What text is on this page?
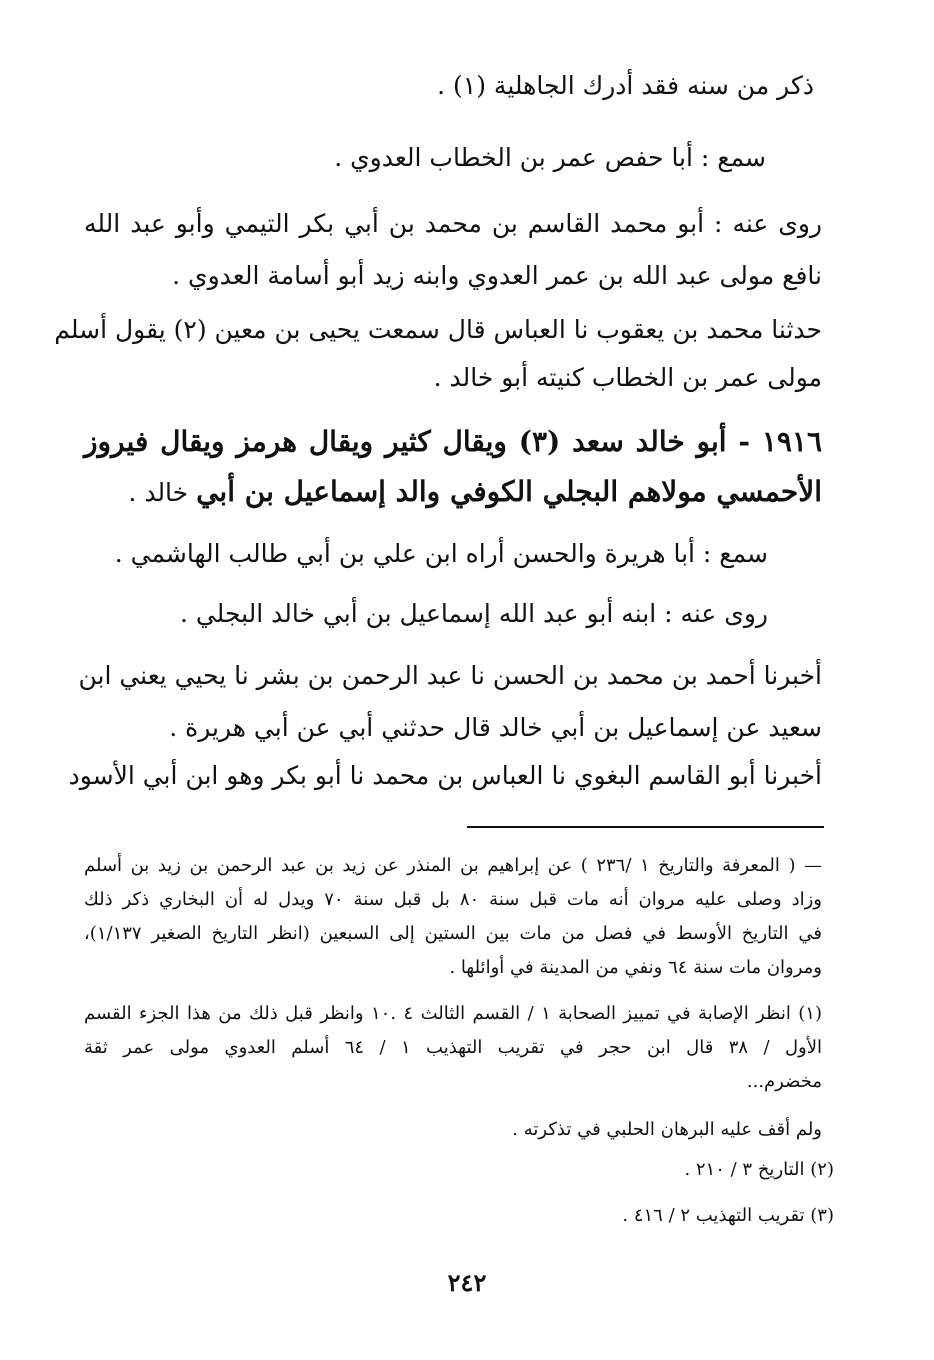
ذكر من سنه فقد أدرك الجاهلية (١) .
سمع : أبا حفص عمر بن الخطاب العدوي .
روى عنه : أبو محمد القاسم بن محمد بن أبي بكر التيمي وأبو عبد الله
نافع مولى عبد الله بن عمر العدوي وابنه زيد أبو أسامة العدوي .
حدثنا محمد بن يعقوب نا العباس قال سمعت يحيى بن معين (٢) يقول أسلم
مولى عمر بن الخطاب كنيته أبو خالد .
١٩١٦ - أبو خالد سعد (٣) ويقال كثير ويقال هرمز ويقال فيروز
الأحمسي مولاهم البجلي الكوفي والد إسماعيل بن أبي خالد .
سمع : أبا هريرة والحسن أراه ابن علي بن أبي طالب الهاشمي .
روى عنه : ابنه أبو عبد الله إسماعيل بن أبي خالد البجلي .
أخبرنا أحمد بن محمد بن الحسن نا عبد الرحمن بن بشر نا يحيي يعني ابن
سعيد عن إسماعيل بن أبي خالد قال حدثني أبي عن أبي هريرة .
أخبرنا أبو القاسم البغوي نا العباس بن محمد نا أبو بكر وهو ابن أبي الأسود
— ( المعرفة والتاريخ ١ /٢٣٦ ) عن إبراهيم بن المنذر عن زيد بن عبد الرحمن بن زيد بن أسلم
وزاد وصلى عليه مروان أنه مات قبل سنة ٨٠ بل قبل سنة ٧٠ ويدل له أن البخاري ذكر ذلك
في التاريخ الأوسط في فصل من مات بين الستين إلى السبعين (انظر التاريخ الصغير ١/١٣٧)،
ومروان مات سنة ٦٤ ونفي من المدينة في أوائلها .
(١) انظر الإصابة في تمييز الصحابة ١ / القسم الثالث ٤ .١٠ وانظر قبل ذلك من هذا الجزء القسم
الأول / ٣٨ قال ابن حجر في تقريب التهذيب ١ / ٦٤ أسلم العدوي مولى عمر ثقة
مخضرم...
ولم أقف عليه البرهان الحلبي في تذكرته .
(٢) التاريخ ٣ / ٢١٠ .
(٣) تقريب التهذيب ٢ / ٤١٦ .
٢٤٢
